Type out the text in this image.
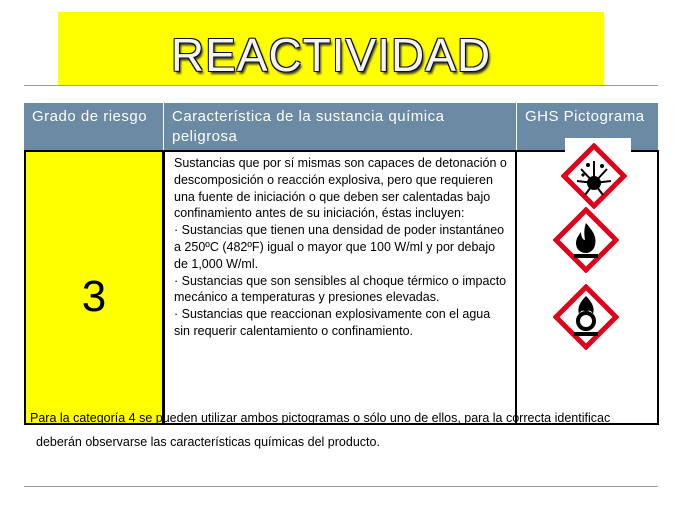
REACTIVIDAD
Grado de riesgo	Característica de la sustancia química peligrosa
GHS Pictograma
3

Sustancias que por sí mismas son capaces de detonación o descomposición o reacción explosiva, pero que requieren una fuente de iniciación o que deben ser calentadas bajo confinamiento antes de su iniciación, éstas incluyen:

· Sustancias que tienen una densidad de poder instantáneo a 250ºC (482ºF) igual o mayor que 100 W/ml y por debajo de 1,000 W/ml.

· Sustancias que son sensibles al choque térmico o impacto mecánico a temperaturas y presiones elevadas.

· Sustancias que reaccionan explosivamente con el agua sin requerir calentamiento o confinamiento.

Para la categoría 4 se pueden utilizar ambos pictogramas o sólo uno de ellos, para la correcta identificac
deberán observarse las características químicas del producto.
